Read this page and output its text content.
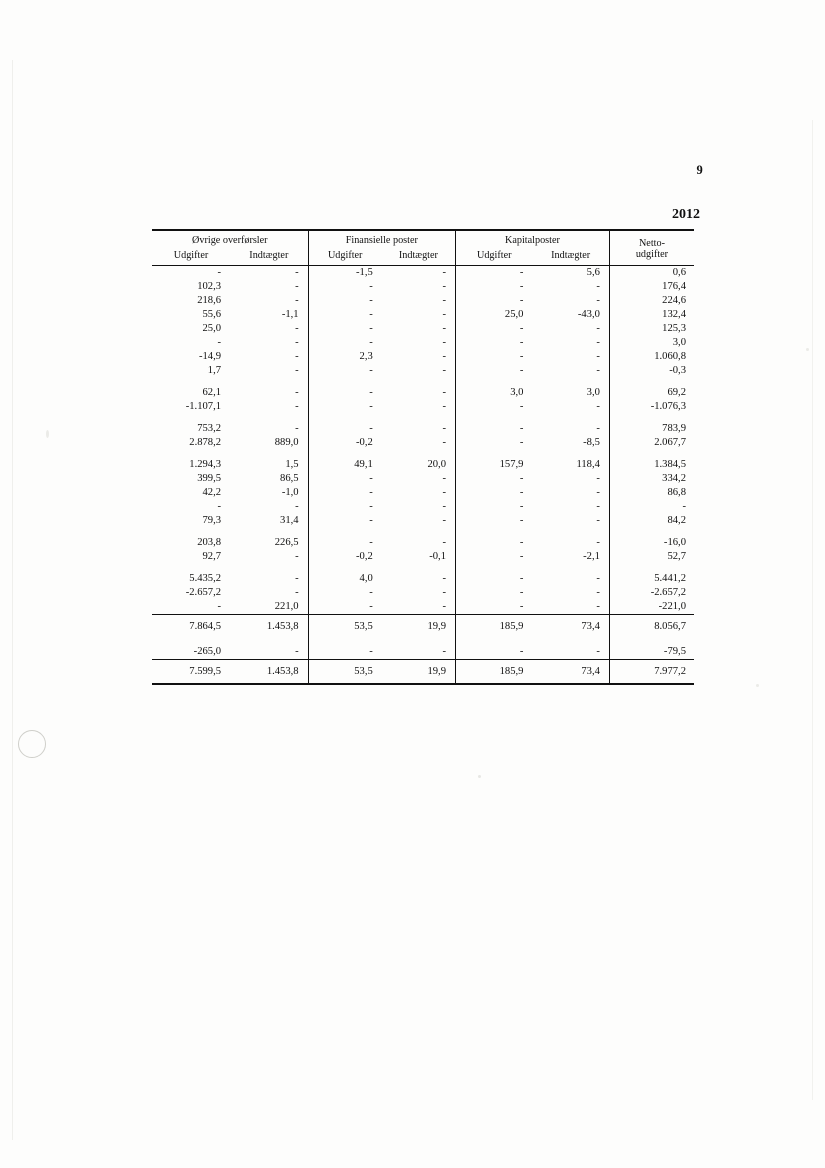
9
2012
Øvrige overførsler		Finansielle poster		Kapitalposter		Netto-
udgifter

Udgifter	Indtægter	Udgifter	Indtægter	Udgifter	Indtægter	
-	-	-1,5	-	-	5,6	0,6
102,3	-	-	-	-	-	176,4
218,6	-	-	-	-	-	224,6
55,6	-1,1	-	-	25,0	-43,0	132,4
25,0	-	-	-	-	-	125,3
-	-	-	-	-	-	3,0
-14,9	-	2,3	-	-	-	1.060,8
1,7	-	-	-	-	-	-0,3

62,1	-	-	-	3,0	3,0	69,2
-1.107,1	-	-	-	-	-	-1.076,3

753,2	-	-	-	-	-	783,9
2.878,2	889,0	-0,2	-	-	-8,5	2.067,7

1.294,3	1,5	49,1	20,0	157,9	118,4	1.384,5
399,5	86,5	-	-	-	-	334,2
42,2	-1,0	-	-	-	-	86,8
-	-	-	-	-	-	-
79,3	31,4	-	-	-	-	84,2

203,8	226,5	-	-	-	-	-16,0
92,7	-	-0,2	-0,1	-	-2,1	52,7

5.435,2	-	4,0	-	-	-	5.441,2
-2.657,2	-	-	-	-	-	-2.657,2
-	221,0	-	-	-	-	-221,0
7.864,5	1.453,8	53,5	19,9	185,9	73,4	8.056,7

-265,0	-	-	-	-	-	-79,5
7.599,5	1.453,8	53,5	19,9	185,9	73,4	7.977,2
